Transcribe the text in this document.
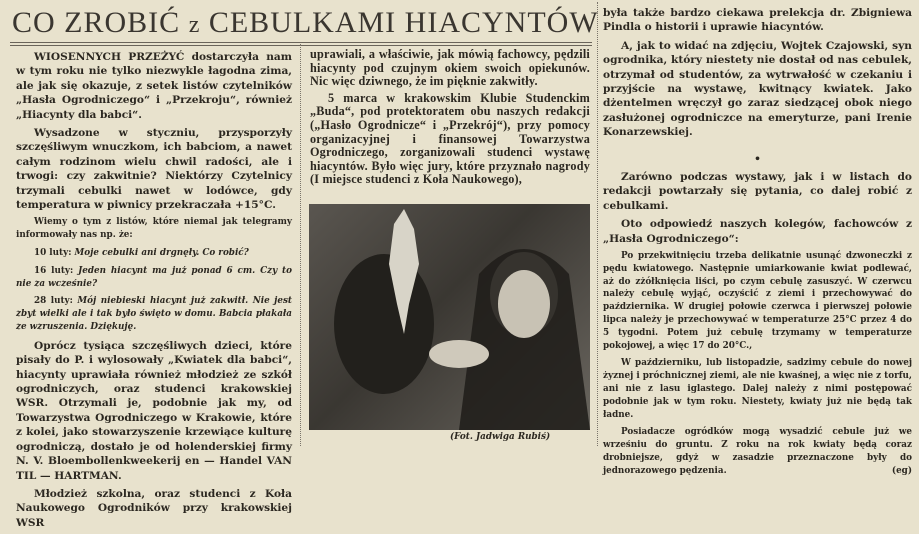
CO ZROBIĆ z CEBULKAMI HIACYNTÓW

WIOSENNYCH PRZEŻYĆ dostarczyła nam w tym roku nie tylko niezwykle łagodna zima, ale jak się okazuje, z setek listów czytelników „Hasła Ogrodniczego“ i „Przekroju“, również „Hiacynty dla babci“.

Wysadzone w styczniu, przysporzyły szczęśliwym wnuczkom, ich babciom, a nawet całym rodzinom wielu chwil radości, ale i trwogi: czy zakwitnie? Niektórzy Czytelnicy trzymali cebulki nawet w lodówce, gdy temperatura w piwnicy przekraczała +15°C.

Wiemy o tym z listów, które niemal jak telegramy informowały nas np. że:

10 luty: Moje cebulki ani drgnęły. Co robić?

16 luty: Jeden hiacynt ma już ponad 6 cm. Czy to nie za wcześnie?

28 luty: Mój niebieski hiacynt już zakwitł. Nie jest zbyt wielki ale i tak było święto w domu. Babcia płakała ze wzruszenia. Dziękuję.

Oprócz tysiąca szczęśliwych dzieci, które pisały do P. i wylosowały „Kwiatek dla babci“, hiacynty uprawiała również młodzież ze szkół ogrodniczych, oraz studenci krakowskiej WSR. Otrzymali je, podobnie jak my, od Towarzystwa Ogrodniczego w Krakowie, które z kolei, jako stowarzyszenie krzewiące kulturę ogrodniczą, dostało je od holenderskiej firmy N. V. Bloembollenkweekerij en — Handel VAN TIL — HARTMAN.

Młodzież szkolna, oraz studenci z Koła Naukowego Ogrodników przy krakowskiej WSR

uprawiali, a właściwie, jak mówią fachowcy, pędzili hiacynty pod czujnym okiem swoich opiekunów. Nic więc dziwnego, że im pięknie zakwitły.

5 marca w krakowskim Klubie Studenckim „Buda“, pod protektoratem obu naszych redakcji („Hasło Ogrodnicze“ i „Przekrój“), przy pomocy organizacyjnej i finansowej Towarzystwa Ogrodniczego, zorganizowali studenci wystawę hiacyntów. Było więc jury, które przyznało nagrody (I miejsce studenci z Koła Naukowego),

(Fot. Jadwiga Rubiś)

była także bardzo ciekawa prelekcja dr. Zbigniewa Pindla o historii i uprawie hiacyntów.

A, jak to widać na zdjęciu, Wojtek Czajowski, syn ogrodnika, który niestety nie dostał od nas cebulek, otrzymał od studentów, za wytrwałość w czekaniu i przyjście na wystawę, kwitnący kwiatek. Jako dżentelmen wręczył go zaraz siedzącej obok niego zasłużonej ogrodniczce na emeryturze, pani Irenie Konarzewskiej.

•

Zarówno podczas wystawy, jak i w listach do redakcji powtarzały się pytania, co dalej robić z cebulkami.

Oto odpowiedź naszych kolegów, fachowców z „Hasła Ogrodniczego“:

Po przekwitnięciu trzeba delikatnie usunąć dzwoneczki z pędu kwiatowego. Następnie umiarkowanie kwiat podlewać, aż do zżółknięcia liści, po czym cebulę zasuszyć. W czerwcu należy cebulę wyjąć, oczyścić z ziemi i przechowywać do października. W drugiej połowie czerwca i pierwszej połowie lipca należy je przechowywać w temperaturze 25°C przez 4 do 5 tygodni. Potem już cebulę trzymamy w temperaturze pokojowej, a więc 17 do 20°C.,

W październiku, lub listopadzie, sadzimy cebule do nowej żyznej i próchnicznej ziemi, ale nie kwaśnej, a więc nie z torfu, ani nie z lasu iglastego. Dalej należy z nimi postępować podobnie jak w tym roku. Niestety, kwiaty już nie będą tak ładne.

Posiadacze ogródków mogą wysadzić cebule już we wrześniu do gruntu. Z roku na rok kwiaty będą coraz drobniejsze, gdyż w zasadzie przeznaczone były do jednorazowego pędzenia.	(eg)
